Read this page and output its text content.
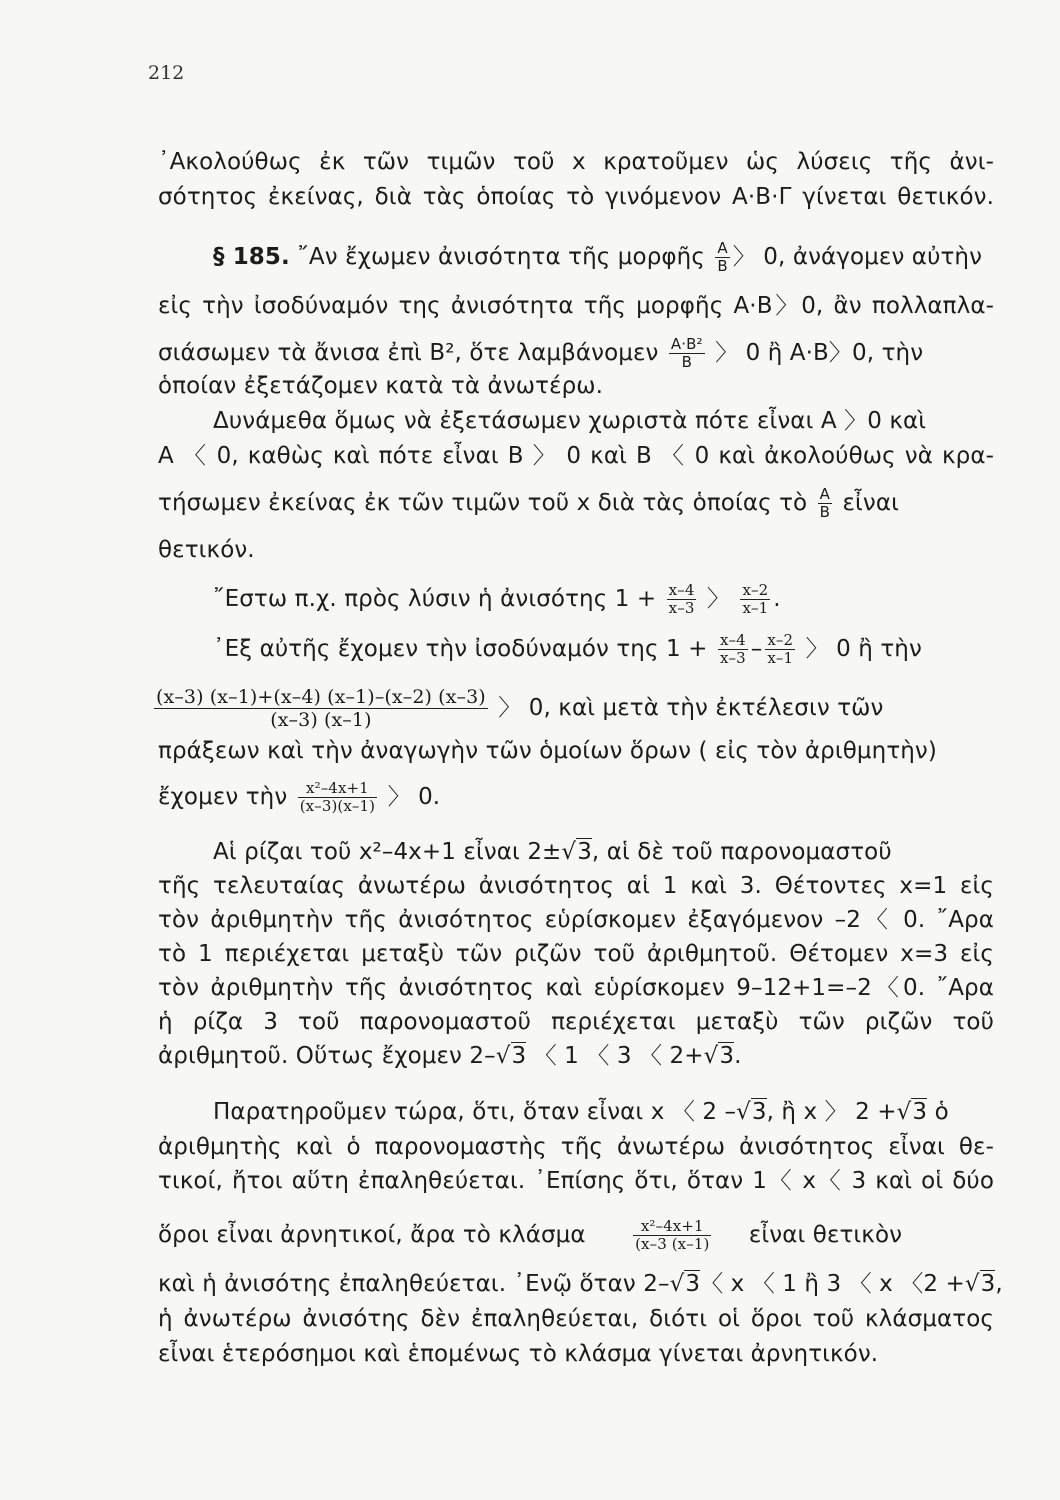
212
᾿Ακολούθως ἐκ τῶν τιμῶν τοῦ x κρατοῦμεν ὡς λύσεις τῆς ἀνι-
σότητος ἐκείνας, διὰ τὰς ὁποίας τὸ γινόμενον Α·Β·Γ γίνεται θετικόν.
§ 185. ῎Αν ἔχωμεν ἀνισότητα τῆς μορφῆς $\frac{A}{B}$ 〉 0, ἀνάγομεν αὐτὴν
εἰς τὴν ἰσοδύναμόν της ἀνισότητα τῆς μορφῆς Α·Β〉0, ἂν πολλαπλα-
σιάσωμεν τὰ ἄνισα ἐπὶ Β², ὅτε λαμβάνομεν $\frac{\text{Α·Β²}}{B}$ 〉 0 ἢ Α·Β〉0, τὴν
ὁποίαν ἐξετάζομεν κατὰ τὰ ἀνωτέρω.
Δυνάμεθα ὅμως νὰ ἐξετάσωμεν χωριστὰ πότε εἶναι Α 〉0 καὶ
Α 〈 0, καθὼς καὶ πότε εἶναι Β 〉 0 καὶ Β 〈 0 καὶ ἀκολούθως νὰ κρα-
τήσωμεν ἐκείνας ἐκ τῶν τιμῶν τοῦ x διὰ τὰς ὁποίας τὸ $\frac{A}{B}$ εἶναι
θετικόν.
῎Εστω π.χ. πρὸς λύσιν ἡ ἀνισότης $1 + \frac{x-4}{x-3}$ 〉 $\frac{x-2}{x-1}$ .
᾿Εξ αὐτῆς ἔχομεν τὴν ἰσοδύναμόν της $1 + \frac{x-4}{x-3} - \frac{x-2}{x-1}$ 〉 0 ἢ τὴν
$\frac{(x-3) (x-1)+(x-4) (x-1)-(x-2) (x-3)}{(x-3) (x-1)}$ 〉 0, καὶ μετὰ τὴν ἐκτέλεσιν τῶν
πράξεων καὶ τὴν ἀναγωγὴν τῶν ὁμοίων ὅρων ( εἰς τὸν ἀριθμητὴν)
ἔχομεν τὴν $\frac{\text{x²–4x+1}}{(x-3)(x-1)}$ 〉 0.
Αἱ ρίζαι τοῦ x²–4x+1 εἶναι 2±√3, αἱ δὲ τοῦ παρονομαστοῦ
τῆς τελευταίας ἀνωτέρω ἀνισότητος αἱ 1 καὶ 3. Θέτοντες x=1 εἰς
τὸν ἀριθμητὴν τῆς ἀνισότητος εὑρίσκομεν ἐξαγόμενον –2〈 0. ῎Αρα
τὸ 1 περιέχεται μεταξὺ τῶν ριζῶν τοῦ ἀριθμητοῦ. Θέτομεν x=3 εἰς
τὸν ἀριθμητὴν τῆς ἀνισότητος καὶ εὑρίσκομεν 9–12+1=–2〈0. ῎Αρα
ἡ ρίζα 3 τοῦ παρονομαστοῦ περιέχεται μεταξὺ τῶν ριζῶν τοῦ
ἀριθμητοῦ. Οὕτως ἔχομεν 2–√3 〈 1 〈 3 〈 2+√3.
Παρατηροῦμεν τώρα, ὅτι, ὅταν εἶναι x 〈 2 –√3, ἢ x 〉 2 +√3 ὁ
ἀριθμητὴς καὶ ὁ παρονομαστὴς τῆς ἀνωτέρω ἀνισότητος εἶναι θε-
τικοί, ἤτοι αὕτη ἐπαληθεύεται. ᾿Επίσης ὅτι, ὅταν 1〈 x〈 3 καὶ οἱ δύο
ὅροι εἶναι ἀρνητικοί, ἄρα τὸ κλάσμα	$\frac{\text{x²–4x+1}}{(x-3 (x-1)}$ εἶναι θετικὸν
καὶ ἡ ἀνισότης ἐπαληθεύεται. ᾿Ενῷ ὅταν 2–√3〈 x 〈 1 ἢ 3 〈 x 〈2 +√3,
ἡ ἀνωτέρω ἀνισότης δὲν ἐπαληθεύεται, διότι οἱ ὅροι τοῦ κλάσματος
εἶναι ἑτερόσημοι καὶ ἑπομένως τὸ κλάσμα γίνεται ἀρνητικόν.
